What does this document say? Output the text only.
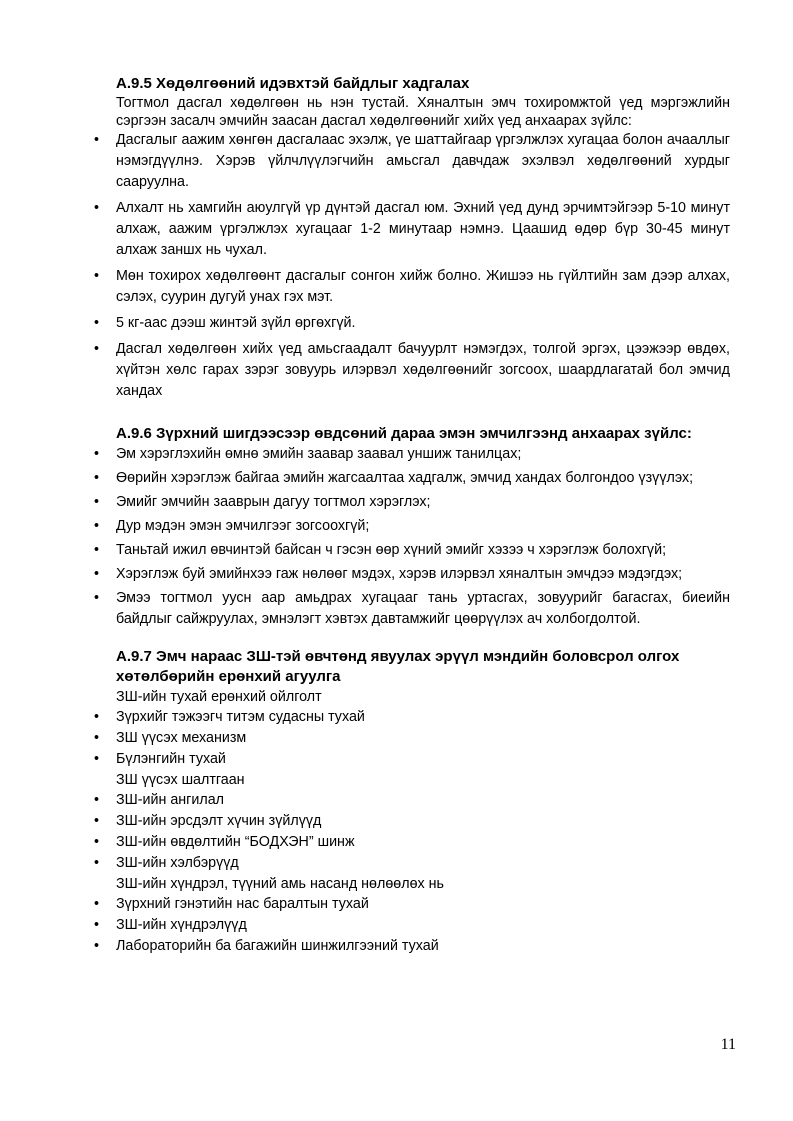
А.9.5 Хөдөлгөөний идэвхтэй байдлыг хадгалах

Тогтмол дасгал хөдөлгөөн нь нэн тустай. Хяналтын эмч тохиромжтой үед мэргэжлийн сэргээн засалч эмчийн заасан дасгал хөдөлгөөнийг хийх үед анхаарах зүйлс:

• Дасгалыг аажим хөнгөн дасгалаас эхэлж, үе шаттайгаар үргэлжлэх хугацаа болон ачааллыг нэмэгдүүлнэ. Хэрэв үйлчлүүлэгчийн амьсгал давчдаж эхэлвэл хөдөлгөөний хурдыг сааруулна.
• Алхалт нь хамгийн аюулгүй үр дүнтэй дасгал юм. Эхний үед дунд эрчимтэйгээр 5-10 минут алхаж, аажим үргэлжлэх хугацааг 1-2 минутаар нэмнэ. Цаашид өдөр бүр 30-45 минут алхаж заншх нь чухал.
• Мөн тохирох хөдөлгөөнт дасгалыг сонгон хийж болно. Жишээ нь гүйлтийн зам дээр алхах, сэлэх, суурин дугуй унах гэх мэт.
• 5 кг-аас дээш жинтэй зүйл өргөхгүй.
• Дасгал хөдөлгөөн хийх үед амьсгаадалт бачуурлт нэмэгдэх, толгой эргэх, цээжээр өвдөх, хүйтэн хөлс гарах зэрэг зовуурь илэрвэл хөдөлгөөнийг зогсоох, шаардлагатай бол эмчид хандах
А.9.6 Зүрхний шигдээсээр өвдсөний дараа эмэн эмчилгээнд анхаарах зүйлс:
• Эм хэрэглэхийн өмнө эмийн заавар заавал уншиж танилцах;
• Өөрийн хэрэглэж байгаа эмийн жагсаалтаа хадгалж, эмчид хандах болгондоо үзүүлэх;
• Эмийг эмчийн зааврын дагуу тогтмол хэрэглэх;
• Дур мэдэн эмэн эмчилгээг зогсоохгүй;
• Таньтай ижил өвчинтэй байсан ч гэсэн өөр хүний эмийг хэзээ ч хэрэглэж болохгүй;
• Хэрэглэж буй эмийнхээ гаж нөлөөг мэдэх, хэрэв илэрвэл хяналтын эмчдээ мэдэгдэх;
• Эмээ тогтмол уусн аар амьдрах хугацааг тань уртасгах, зовуурийг багасгах, биеийн байдлыг сайжруулах, эмнэлэгт хэвтэх давтамжийг цөөрүүлэх ач холбогдолтой.
А.9.7 Эмч нараас ЗШ-тэй өвчтөнд явуулах эрүүл мэндийн боловсрол олгох хөтөлбөрийн ерөнхий агуулга

ЗШ-ийн тухай ерөнхий ойлголт

• Зүрхийг тэжээгч титэм судасны тухай
• ЗШ үүсэх механизм
• Бүлэнгийн тухай

ЗШ үүсэх шалтгаан

• ЗШ-ийн ангилал
• ЗШ-ийн эрсдэлт хүчин зүйлүүд
• ЗШ-ийн өвдөлтийн “БОДХЭН” шинж
• ЗШ-ийн хэлбэрүүд

ЗШ-ийн хүндрэл, түүний амь насанд нөлөөлөх нь

• Зүрхний гэнэтийн нас баралтын тухай
• ЗШ-ийн хүндрэлүүд
• Лабораторийн ба багажийн шинжилгээний тухай
11
